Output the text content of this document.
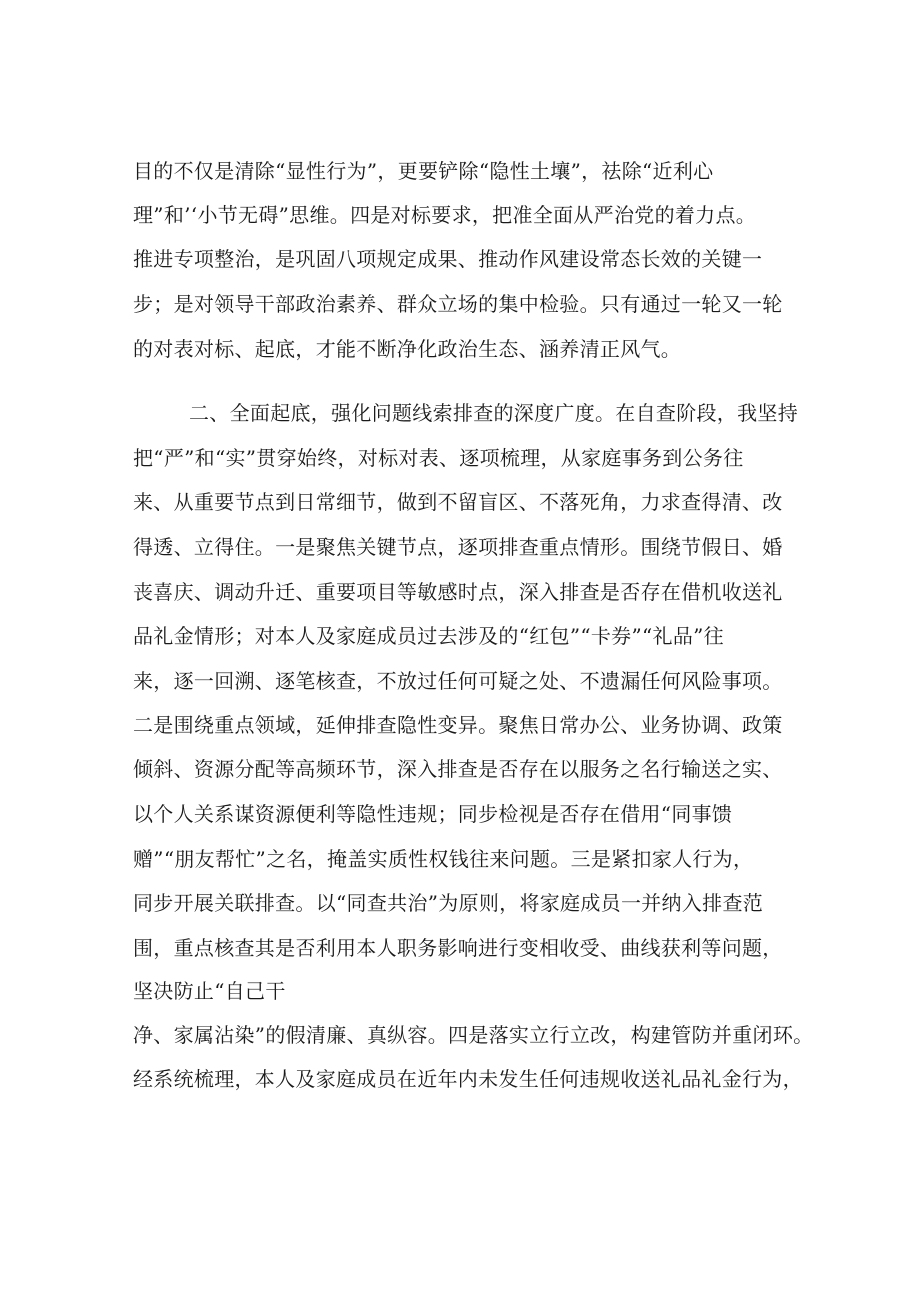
目的不仅是清除“显性行为”，更要铲除“隐性土壤”，祛除“近利心
理”和’‘小节无碍”思维。四是对标要求，把准全面从严治党的着力点。
推进专项整治，是巩固八项规定成果、推动作风建设常态长效的关键一
步；是对领导干部政治素养、群众立场的集中检验。只有通过一轮又一轮
的对表对标、起底，才能不断净化政治生态、涵养清正风气。
二、全面起底，强化问题线索排查的深度广度。在自查阶段，我坚持
把“严”和“实”贯穿始终，对标对表、逐项梳理，从家庭事务到公务往
来、从重要节点到日常细节，做到不留盲区、不落死角，力求查得清、改
得透、立得住。一是聚焦关键节点，逐项排查重点情形。围绕节假日、婚
丧喜庆、调动升迁、重要项目等敏感时点，深入排查是否存在借机收送礼
品礼金情形；对本人及家庭成员过去涉及的“红包”“卡券”“礼品”往
来，逐一回溯、逐笔核查，不放过任何可疑之处、不遗漏任何风险事项。
二是围绕重点领域，延伸排查隐性变异。聚焦日常办公、业务协调、政策
倾斜、资源分配等高频环节，深入排查是否存在以服务之名行输送之实、
以个人关系谋资源便利等隐性违规；同步检视是否存在借用“同事馈
赠”“朋友帮忙”之名，掩盖实质性权钱往来问题。三是紧扣家人行为，
同步开展关联排查。以“同查共治”为原则，将家庭成员一并纳入排查范
围，重点核查其是否利用本人职务影响进行变相收受、曲线获利等问题，
坚决防止“自己干
净、家属沾染”的假清廉、真纵容。四是落实立行立改，构建管防并重闭环。
经系统梳理，本人及家庭成员在近年内未发生任何违规收送礼品礼金行为，
